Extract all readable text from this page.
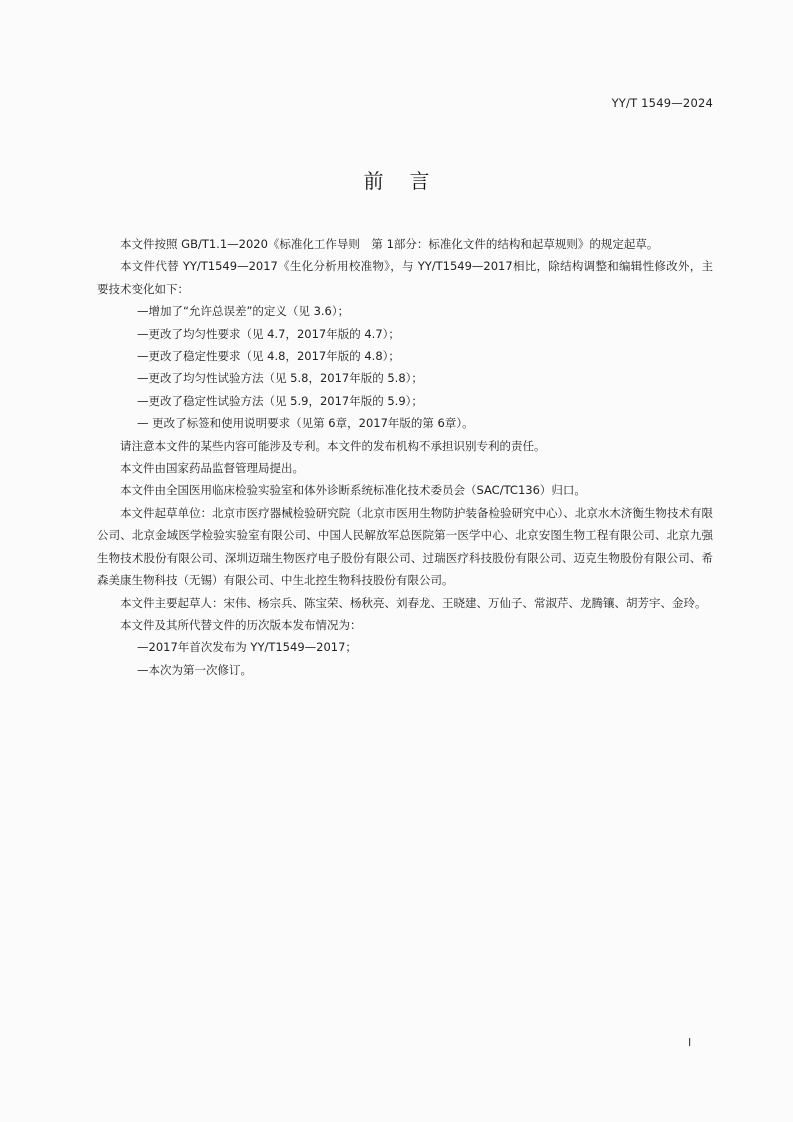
YY/T 1549—2024
前言

本文件按照 GB/T1.1—2020《标准化工作导则　第 1部分：标准化文件的结构和起草规则》的规定起草。

本文件代替 YY/T1549—2017《生化分析用校准物》，与 YY/T1549—2017相比，除结构调整和编辑性修改外，主要技术变化如下：

—增加了“允许总误差”的定义（见 3.6）；

—更改了均匀性要求（见 4.7，2017年版的 4.7）；

—更改了稳定性要求（见 4.8，2017年版的 4.8）；

—更改了均匀性试验方法（见 5.8，2017年版的 5.8）；

—更改了稳定性试验方法（见 5.9，2017年版的 5.9）；

— 更改了标签和使用说明要求（见第 6章，2017年版的第 6章）。

请注意本文件的某些内容可能涉及专利。本文件的发布机构不承担识别专利的责任。

本文件由国家药品监督管理局提出。

本文件由全国医用临床检验实验室和体外诊断系统标准化技术委员会（SAC/TC136）归口。

本文件起草单位：北京市医疗器械检验研究院（北京市医用生物防护装备检验研究中心）、北京水木济衡生物技术有限公司、北京金域医学检验实验室有限公司、中国人民解放军总医院第一医学中心、北京安图生物工程有限公司、北京九强生物技术股份有限公司、深圳迈瑞生物医疗电子股份有限公司、过瑞医疗科技股份有限公司、迈克生物股份有限公司、希森美康生物科技（无锡）有限公司、中生北控生物科技股份有限公司。

本文件主要起草人：宋伟、杨宗兵、陈宝荣、杨秋亮、刘春龙、王晓建、万仙子、常淑芹、龙腾镶、胡芳宇、金玲。

本文件及其所代替文件的历次版本发布情况为：

—2017年首次发布为 YY/T1549—2017；

—本次为第一次修订。

I
